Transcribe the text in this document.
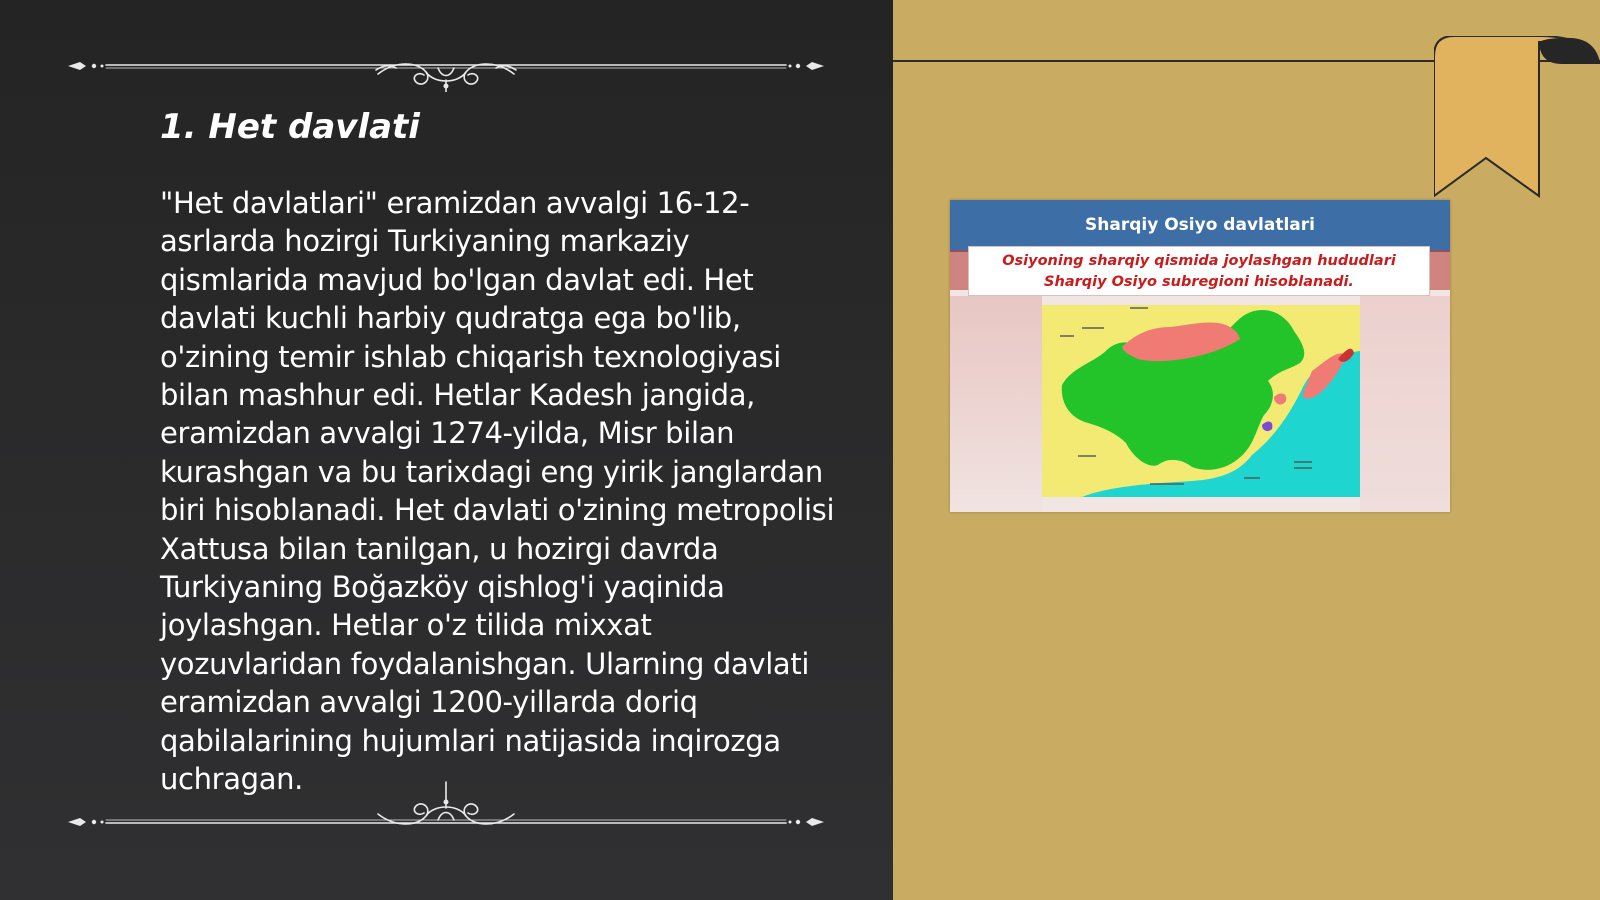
1. Het davlati

"Het davlatlari" eramizdan avvalgi 16-12-asrlarda hozirgi Turkiyaning markaziy qismlarida mavjud bo'lgan davlat edi. Het davlati kuchli harbiy qudratga ega bo'lib, o'zining temir ishlab chiqarish texnologiyasi bilan mashhur edi. Hetlar Kadesh jangida, eramizdan avvalgi 1274-yilda, Misr bilan kurashgan va bu tarixdagi eng yirik janglardan biri hisoblanadi. Het davlati o'zining metropolisi Xattusa bilan tanilgan, u hozirgi davrda Turkiyaning Boğazköy qishlog'i yaqinida joylashgan. Hetlar o'z tilida mixxat yozuvlaridan foydalanishgan. Ularning davlati eramizdan avvalgi 1200-yillarda doriq qabilalarining hujumlari natijasida inqirozga uchragan.

Sharqiy Osiyo davlatlari
Osiyoning sharqiy qismida joylashgan hududlari Sharqiy Osiyo subregioni hisoblanadi.
